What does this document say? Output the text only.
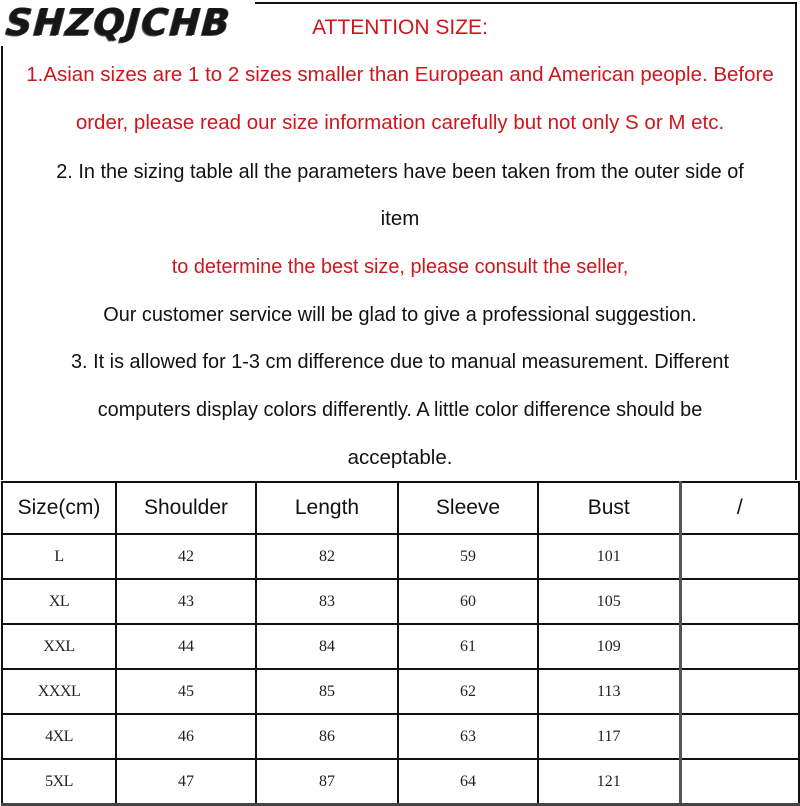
SHZQJCHB	ATTENTION SIZE:
1.Asian sizes are 1 to 2 sizes smaller than European and American people. Before
order, please read our size information carefully but not only S or M etc.
2. In the sizing table all the parameters have been taken from the outer side of
item
to determine the best size, please consult the seller,
Our customer service will be glad to give a professional suggestion.
3. It is allowed for 1-3 cm difference due to manual measurement. Different
computers display colors differently. A little color difference should be
acceptable.
Size(cm)	Shoulder	Length	Sleeve	Bust	/
L	42	82	59	101	
XL	43	83	60	105	
XXL	44	84	61	109	
XXXL	45	85	62	113	
4XL	46	86	63	117	
5XL	47	87	64	121	
